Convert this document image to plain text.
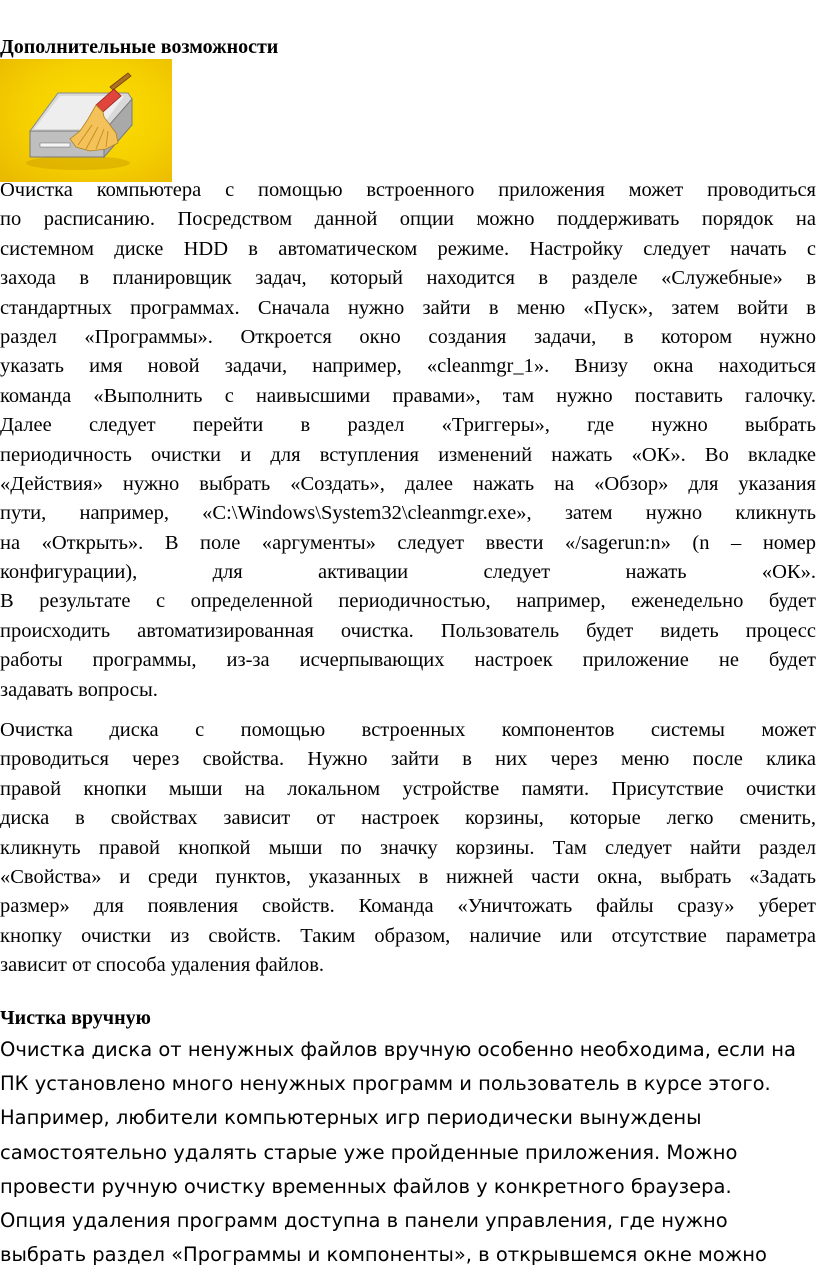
Дополнительные возможности
Очистка компьютера с помощью встроенного приложения может проводиться
по расписанию. Посредством данной опции можно поддерживать порядок на
системном диске HDD в автоматическом режиме. Настройку следует начать с
захода в планировщик задач, который находится в разделе «Служебные» в
стандартных программах. Сначала нужно зайти в меню «Пуск», затем войти в
раздел «Программы». Откроется окно создания задачи, в котором нужно
указать имя новой задачи, например, «cleanmgr_1». Внизу окна находиться
команда «Выполнить с наивысшими правами», там нужно поставить галочку.
Далее следует перейти в раздел «Триггеры», где нужно выбрать
периодичность очистки и для вступления изменений нажать «ОК». Во вкладке
«Действия» нужно выбрать «Создать», далее нажать на «Обзор» для указания
пути, например, «C:\Windows\System32\cleanmgr.exe», затем нужно кликнуть
на «Открыть». В поле «аргументы» следует ввести «/sagerun:n» (n – номер
конфигурации), для активации следует нажать «ОК».
В результате с определенной периодичностью, например, еженедельно будет
происходить автоматизированная очистка. Пользователь будет видеть процесс
работы программы, из-за исчерпывающих настроек приложение не будет
задавать вопросы.
Очистка диска с помощью встроенных компонентов системы может
проводиться через свойства. Нужно зайти в них через меню после клика
правой кнопки мыши на локальном устройстве памяти. Присутствие очистки
диска в свойствах зависит от настроек корзины, которые легко сменить,
кликнуть правой кнопкой мыши по значку корзины. Там следует найти раздел
«Свойства» и среди пунктов, указанных в нижней части окна, выбрать «Задать
размер» для появления свойств. Команда «Уничтожать файлы сразу» уберет
кнопку очистки из свойств. Таким образом, наличие или отсутствие параметра
зависит от способа удаления файлов.
Чистка вручную
Очистка диска от ненужных файлов вручную особенно необходима, если на
ПК установлено много ненужных программ и пользователь в курсе этого.
Например, любители компьютерных игр периодически вынуждены
самостоятельно удалять старые уже пройденные приложения. Можно
провести ручную очистку временных файлов у конкретного браузера.
Опция удаления программ доступна в панели управления, где нужно
выбрать раздел «Программы и компоненты», в открывшемся окне можно
